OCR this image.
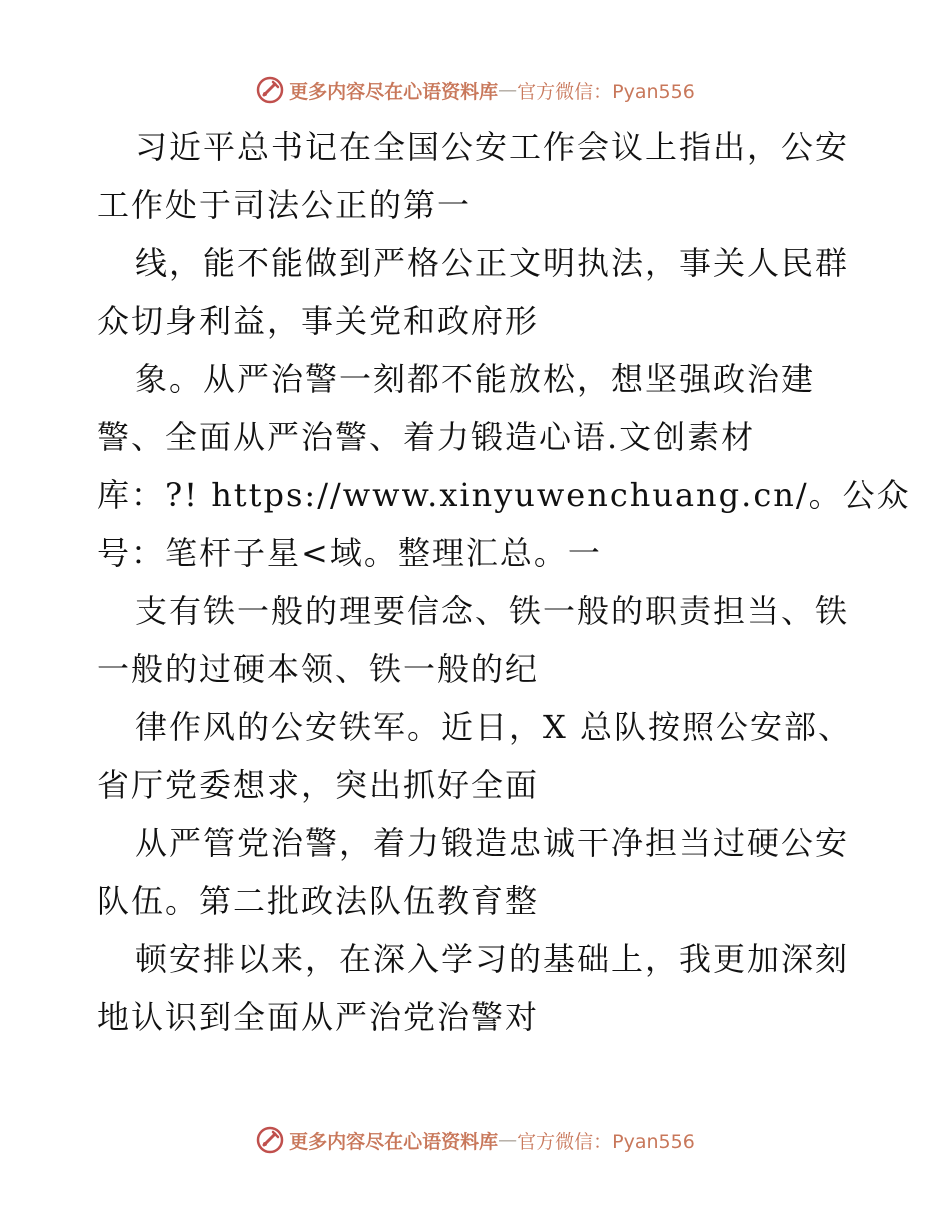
更多内容尽在心语资料库 — 官方微信：Pyan556
习近平总书记在全国公安工作会议上指出，公安
工作处于司法公正的第一
线，能不能做到严格公正文明执法，事关人民群
众切身利益，事关党和政府形
象。从严治警一刻都不能放松，想坚强政治建
警、全面从严治警、着力锻造心语.文创素材
库：?! https://www.xinyuwenchuang.cn/。公众
号：笔杆子星<域。整理汇总。一
支有铁一般的理要信念、铁一般的职责担当、铁
一般的过硬本领、铁一般的纪
律作风的公安铁军。近日，X 总队按照公安部、
省厅党委想求，突出抓好全面
从严管党治警，着力锻造忠诚干净担当过硬公安
队伍。第二批政法队伍教育整
顿安排以来，在深入学习的基础上，我更加深刻
地认识到全面从严治党治警对
更多内容尽在心语资料库 — 官方微信：Pyan556
